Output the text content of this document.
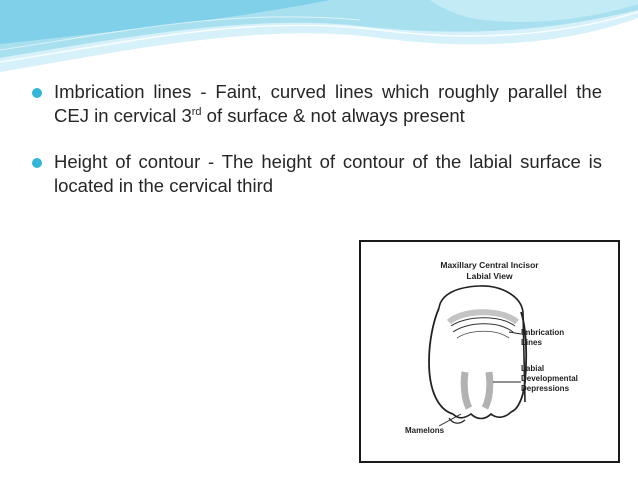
Imbrication lines - Faint, curved lines which roughly parallel the CEJ in cervical 3rd of surface & not always present

Height of contour - The height of contour of the labial surface is located in the cervical third

Maxillary Central Incisor
Labial View
Imbrication
Lines
Labial
Developmental
Depressions
Mamelons
